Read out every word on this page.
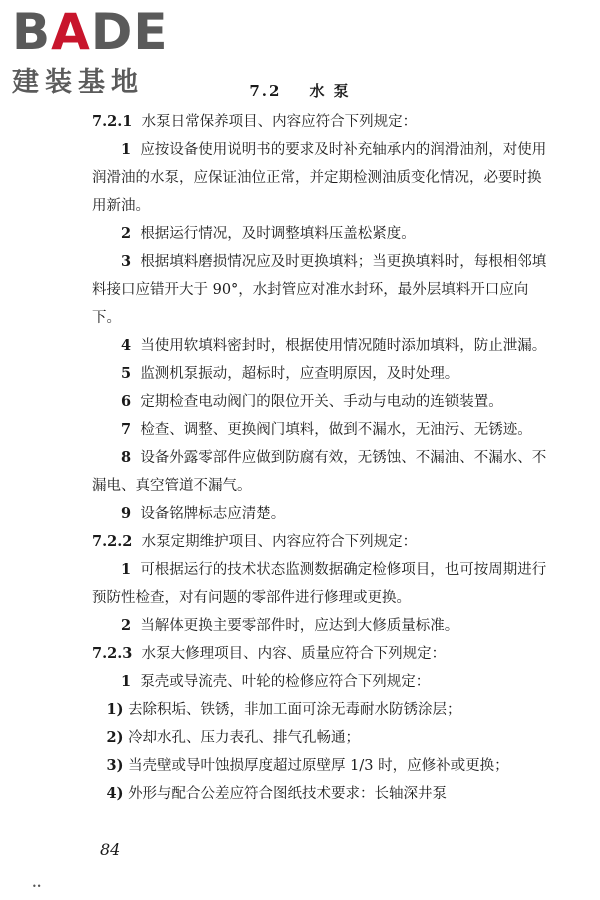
BADE
建装基地	7.2 水 泵

7.2.1 水泵日常保养项目、内容应符合下列规定：

1 应按设备使用说明书的要求及时补充轴承内的润滑油剂，对使用润滑油的水泵，应保证油位正常，并定期检测油质变化情况，必要时换用新油。

2 根据运行情况，及时调整填料压盖松紧度。

3 根据填料磨损情况应及时更换填料；当更换填料时，每根相邻填料接口应错开大于 90°，水封管应对准水封环，最外层填料开口应向下。

4 当使用软填料密封时，根据使用情况随时添加填料，防止泄漏。

5 监测机泵振动，超标时，应查明原因，及时处理。

6 定期检查电动阀门的限位开关、手动与电动的连锁装置。

7 检查、调整、更换阀门填料，做到不漏水，无油污、无锈迹。

8 设备外露零部件应做到防腐有效，无锈蚀、不漏油、不漏水、不漏电、真空管道不漏气。

9 设备铭牌标志应清楚。

7.2.2 水泵定期维护项目、内容应符合下列规定：

1 可根据运行的技术状态监测数据确定检修项目，也可按周期进行预防性检查，对有问题的零部件进行修理或更换。

2 当解体更换主要零部件时，应达到大修质量标准。

7.2.3 水泵大修理项目、内容、质量应符合下列规定：

1 泵壳或导流壳、叶轮的检修应符合下列规定：

1) 去除积垢、铁锈，非加工面可涂无毒耐水防锈涂层；

2) 冷却水孔、压力表孔、排气孔畅通；

3) 当壳壁或导叶蚀损厚度超过原壁厚 1/3 时，应修补或更换；

4) 外形与配合公差应符合图纸技术要求：长轴深井泵

84
••
